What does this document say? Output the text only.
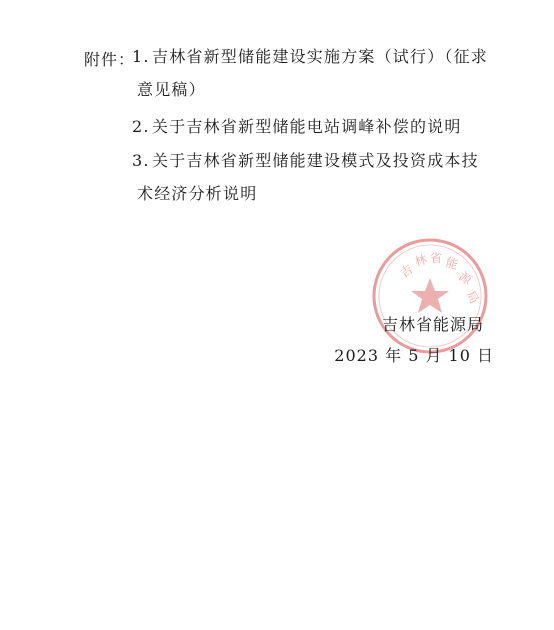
附件：
1. 吉林省新型储能建设实施方案（试行）（征求
意见稿）
2. 关于吉林省新型储能电站调峰补偿的说明
3. 关于吉林省新型储能建设模式及投资成本技
术经济分析说明
吉
林 省 能
源
局
吉林省能源局
2023 年 5 月 10 日
